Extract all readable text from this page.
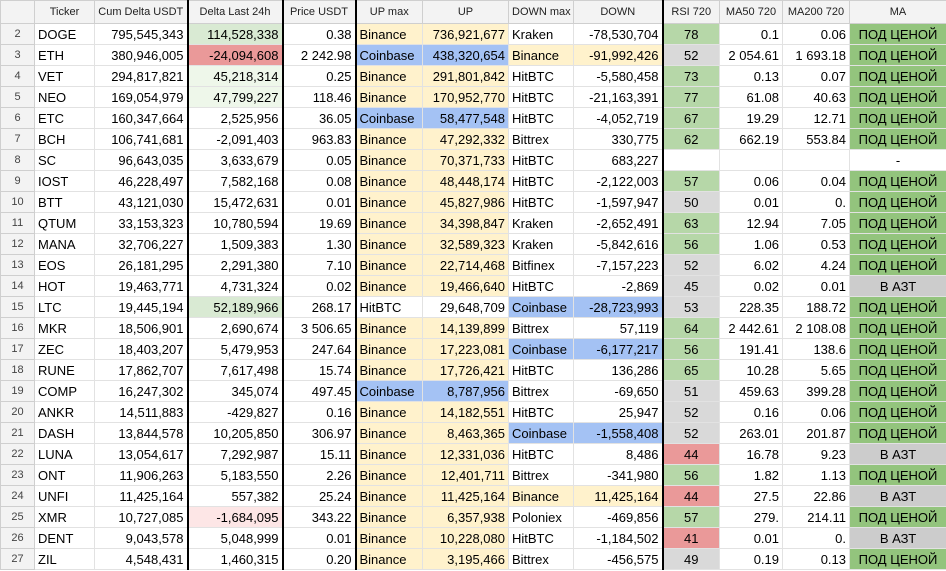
	Ticker	Cum Delta USDT	Delta Last 24h	Price USDT	UP max	UP	DOWN max	DOWN	RSI 720	MA50 720	MA200 720	MA
2	DOGE	795,545,343	114,528,338	0.38	Binance	736,921,677	Kraken	-78,530,704	78	0.1	0.06	ПОД ЦЕНОЙ
3	ETH	380,946,005	-24,094,608	2 242.98	Coinbase	438,320,654	Binance	-91,992,426	52	2 054.61	1 693.18	ПОД ЦЕНОЙ
4	VET	294,817,821	45,218,314	0.25	Binance	291,801,842	HitBTC	-5,580,458	73	0.13	0.07	ПОД ЦЕНОЙ
5	NEO	169,054,979	47,799,227	118.46	Binance	170,952,770	HitBTC	-21,163,391	77	61.08	40.63	ПОД ЦЕНОЙ
6	ETC	160,347,664	2,525,956	36.05	Coinbase	58,477,548	HitBTC	-4,052,719	67	19.29	12.71	ПОД ЦЕНОЙ
7	BCH	106,741,681	-2,091,403	963.83	Binance	47,292,332	Bittrex	330,775	62	662.19	553.84	ПОД ЦЕНОЙ
8	SC	96,643,035	3,633,679	0.05	Binance	70,371,733	HitBTC	683,227				-
9	IOST	46,228,497	7,582,168	0.08	Binance	48,448,174	HitBTC	-2,122,003	57	0.06	0.04	ПОД ЦЕНОЙ
10	BTT	43,121,030	15,472,631	0.01	Binance	45,827,986	HitBTC	-1,597,947	50	0.01	0.	ПОД ЦЕНОЙ
11	QTUM	33,153,323	10,780,594	19.69	Binance	34,398,847	Kraken	-2,652,491	63	12.94	7.05	ПОД ЦЕНОЙ
12	MANA	32,706,227	1,509,383	1.30	Binance	32,589,323	Kraken	-5,842,616	56	1.06	0.53	ПОД ЦЕНОЙ
13	EOS	26,181,295	2,291,380	7.10	Binance	22,714,468	Bitfinex	-7,157,223	52	6.02	4.24	ПОД ЦЕНОЙ
14	HOT	19,463,771	4,731,324	0.02	Binance	19,466,640	HitBTC	-2,869	45	0.02	0.01	В АЗТ
15	LTC	19,445,194	52,189,966	268.17	HitBTC	29,648,709	Coinbase	-28,723,993	53	228.35	188.72	ПОД ЦЕНОЙ
16	MKR	18,506,901	2,690,674	3 506.65	Binance	14,139,899	Bittrex	57,119	64	2 442.61	2 108.08	ПОД ЦЕНОЙ
17	ZEC	18,403,207	5,479,953	247.64	Binance	17,223,081	Coinbase	-6,177,217	56	191.41	138.6	ПОД ЦЕНОЙ
18	RUNE	17,862,707	7,617,498	15.74	Binance	17,726,421	HitBTC	136,286	65	10.28	5.65	ПОД ЦЕНОЙ
19	COMP	16,247,302	345,074	497.45	Coinbase	8,787,956	Bittrex	-69,650	51	459.63	399.28	ПОД ЦЕНОЙ
20	ANKR	14,511,883	-429,827	0.16	Binance	14,182,551	HitBTC	25,947	52	0.16	0.06	ПОД ЦЕНОЙ
21	DASH	13,844,578	10,205,850	306.97	Binance	8,463,365	Coinbase	-1,558,408	52	263.01	201.87	ПОД ЦЕНОЙ
22	LUNA	13,054,617	7,292,987	15.11	Binance	12,331,036	HitBTC	8,486	44	16.78	9.23	В АЗТ
23	ONT	11,906,263	5,183,550	2.26	Binance	12,401,711	Bittrex	-341,980	56	1.82	1.13	ПОД ЦЕНОЙ
24	UNFI	11,425,164	557,382	25.24	Binance	11,425,164	Binance	11,425,164	44	27.5	22.86	В АЗТ
25	XMR	10,727,085	-1,684,095	343.22	Binance	6,357,938	Poloniex	-469,856	57	279.	214.11	ПОД ЦЕНОЙ
26	DENT	9,043,578	5,048,999	0.01	Binance	10,228,080	HitBTC	-1,184,502	41	0.01	0.	В АЗТ
27	ZIL	4,548,431	1,460,315	0.20	Binance	3,195,466	Bittrex	-456,575	49	0.19	0.13	ПОД ЦЕНОЙ
